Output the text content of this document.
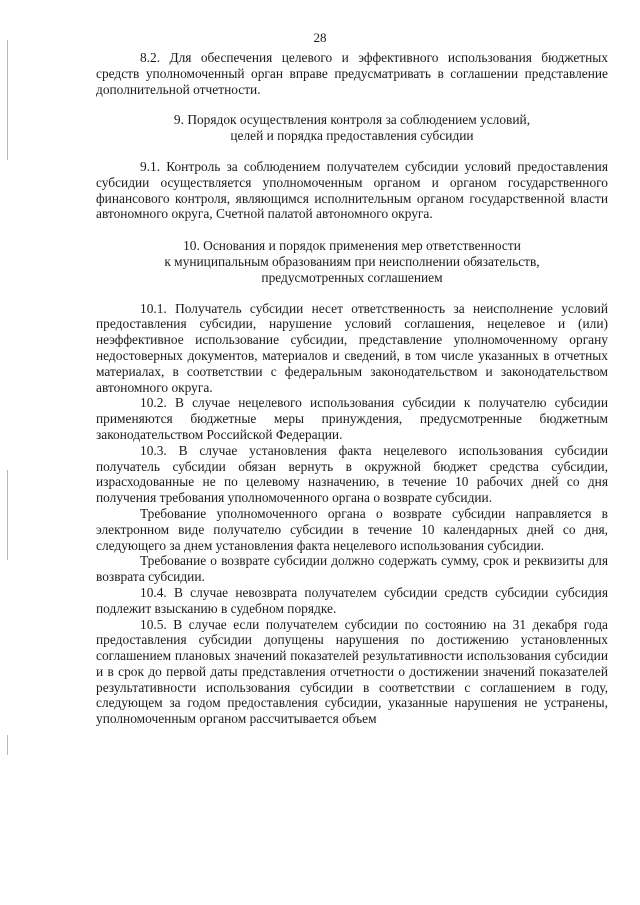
28

8.2. Для обеспечения целевого и эффективного использования бюджетных средств уполномоченный орган вправе предусматривать в соглашении представление дополнительной отчетности.

9. Порядок осуществления контроля за соблюдением условий,
целей и порядка предоставления субсидии

9.1. Контроль за соблюдением получателем субсидии условий предоставления субсидии осуществляется уполномоченным органом и органом государственного финансового контроля, являющимся исполнительным органом государственной власти автономного округа, Счетной палатой автономного округа.

10. Основания и порядок применения мер ответственности
к муниципальным образованиям при неисполнении обязательств,
предусмотренных соглашением

10.1. Получатель субсидии несет ответственность за неисполнение условий предоставления субсидии, нарушение условий соглашения, нецелевое и (или) неэффективное использование субсидии, представление уполномоченному органу недостоверных документов, материалов и сведений, в том числе указанных в отчетных материалах, в соответствии с федеральным законодательством и законодательством автономного округа.

10.2. В случае нецелевого использования субсидии к получателю субсидии применяются бюджетные меры принуждения, предусмотренные бюджетным законодательством Российской Федерации.

10.3. В случае установления факта нецелевого использования субсидии получатель субсидии обязан вернуть в окружной бюджет средства субсидии, израсходованные не по целевому назначению, в течение 10 рабочих дней со дня получения требования уполномоченного органа о возврате субсидии.

Требование уполномоченного органа о возврате субсидии направляется в электронном виде получателю субсидии в течение 10 календарных дней со дня, следующего за днем установления факта нецелевого использования субсидии.

Требование о возврате субсидии должно содержать сумму, срок и реквизиты для возврата субсидии.

10.4. В случае невозврата получателем субсидии средств субсидии субсидия подлежит взысканию в судебном порядке.

10.5. В случае если получателем субсидии по состоянию на 31 декабря года предоставления субсидии допущены нарушения по достижению установленных соглашением плановых значений показателей результативности использования субсидии и в срок до первой даты представления отчетности о достижении значений показателей результативности использования субсидии в соответствии с соглашением в году, следующем за годом предоставления субсидии, указанные нарушения не устранены, уполномоченным органом рассчитывается объем
